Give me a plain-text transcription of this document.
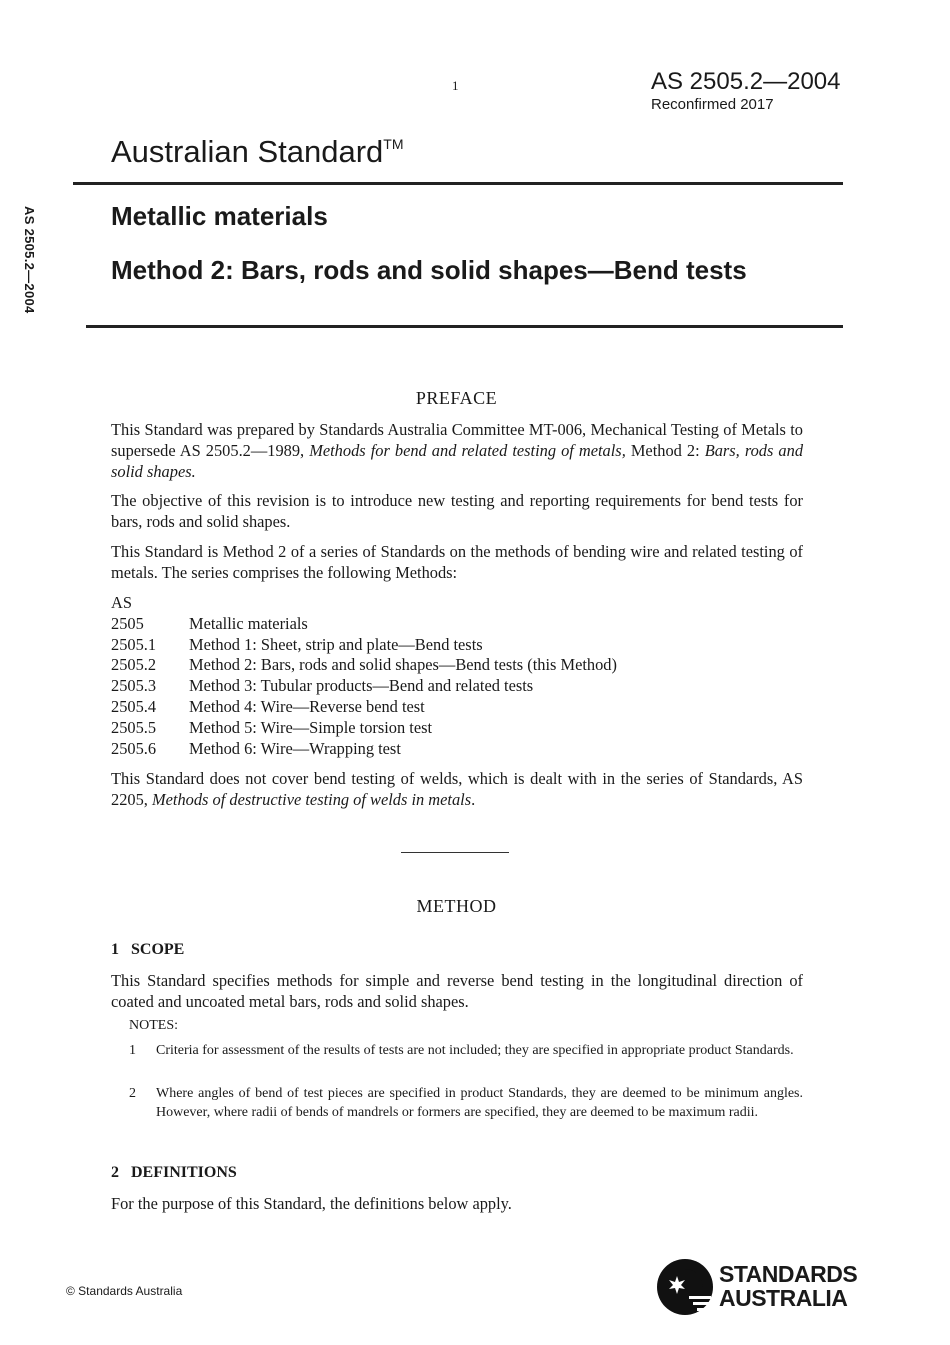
1	AS 2505.2—2004
Reconfirmed 2017
Australian Standard™
AS 2505.2—2004	Metallic materials
Method 2: Bars, rods and solid shapes—Bend tests
PREFACE
This Standard was prepared by Standards Australia Committee MT-006, Mechanical Testing of Metals to supersede AS 2505.2—1989, Methods for bend and related testing of metals, Method 2: Bars, rods and solid shapes.
The objective of this revision is to introduce new testing and reporting requirements for bend tests for bars, rods and solid shapes.
This Standard is Method 2 of a series of Standards on the methods of bending wire and related testing of metals. The series comprises the following Methods:
AS
2505	Metallic materials
2505.1	Method 1: Sheet, strip and plate—Bend tests
2505.2	Method 2: Bars, rods and solid shapes—Bend tests (this Method)
2505.3	Method 3: Tubular products—Bend and related tests
2505.4	Method 4: Wire—Reverse bend test
2505.5	Method 5: Wire—Simple torsion test
2505.6	Method 6: Wire—Wrapping test
This Standard does not cover bend testing of welds, which is dealt with in the series of Standards, AS 2205, Methods of destructive testing of welds in metals.
METHOD
1   SCOPE
This Standard specifies methods for simple and reverse bend testing in the longitudinal direction of coated and uncoated metal bars, rods and solid shapes.
NOTES:
1	Criteria for assessment of the results of tests are not included; they are specified in appropriate product Standards.
2	Where angles of bend of test pieces are specified in product Standards, they are deemed to be minimum angles. However, where radii of bends of mandrels or formers are specified, they are deemed to be maximum radii.
2   DEFINITIONS
For the purpose of this Standard, the definitions below apply.
© Standards Australia
STANDARDS
AUSTRALIA
